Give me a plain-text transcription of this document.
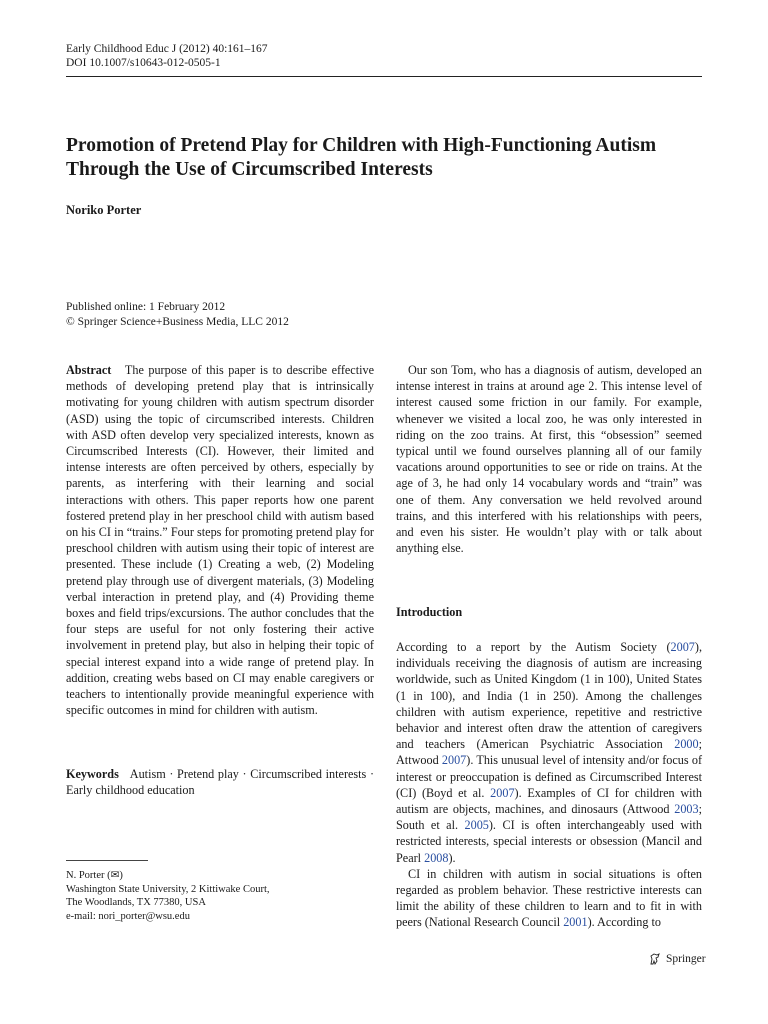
Early Childhood Educ J (2012) 40:161–167
DOI 10.1007/s10643-012-0505-1
Promotion of Pretend Play for Children with High-Functioning Autism Through the Use of Circumscribed Interests
Noriko Porter
Published online: 1 February 2012
© Springer Science+Business Media, LLC 2012

Abstract The purpose of this paper is to describe effective methods of developing pretend play that is intrinsically motivating for young children with autism spectrum disorder (ASD) using the topic of circumscribed interests. Children with ASD often develop very specialized interests, known as Circumscribed Interests (CI). However, their limited and intense interests are often perceived by others, especially by parents, as interfering with their learning and social interactions with others. This paper reports how one parent fostered pretend play in her preschool child with autism based on his CI in “trains.” Four steps for promoting pretend play for preschool children with autism using their topic of interest are presented. These include (1) Creating a web, (2) Modeling pretend play through use of divergent materials, (3) Modeling verbal interaction in pretend play, and (4) Providing theme boxes and field trips/excursions. The author concludes that the four steps are useful for not only fostering their active involvement in pretend play, but also in helping their topic of special interest expand into a wide range of pretend play. In addition, creating webs based on CI may enable caregivers or teachers to intentionally provide meaningful experience with specific outcomes in mind for children with autism.

Keywords Autism · Pretend play · Circumscribed interests · Early childhood education

N. Porter (✉)
Washington State University, 2 Kittiwake Court,
The Woodlands, TX 77380, USA
e-mail: nori_porter@wsu.edu

Our son Tom, who has a diagnosis of autism, developed an intense interest in trains at around age 2. This intense level of interest caused some friction in our family. For example, whenever we visited a local zoo, he was only interested in riding on the zoo trains. At first, this “obsession” seemed typical until we found ourselves planning all of our family vacations around opportunities to see or ride on trains. At the age of 3, he had only 14 vocabulary words and “train” was one of them. Any conversation we held revolved around trains, and this interfered with his relationships with peers, and even his sister. He wouldn’t play with or talk about anything else.

Introduction

According to a report by the Autism Society (2007), individuals receiving the diagnosis of autism are increasing worldwide, such as United Kingdom (1 in 100), United States (1 in 100), and India (1 in 250). Among the challenges children with autism experience, repetitive and restrictive behavior and interest often draw the attention of caregivers and teachers (American Psychiatric Association 2000; Attwood 2007). This unusual level of intensity and/or focus of interest or preoccupation is defined as Circumscribed Interest (CI) (Boyd et al. 2007). Examples of CI for children with autism are objects, machines, and dinosaurs (Attwood 2003; South et al. 2005). CI is often interchangeably used with restricted interests, special interests or obsession (Mancil and Pearl 2008).

CI in children with autism in social situations is often regarded as problem behavior. These restrictive interests can limit the ability of these children to learn and to fit in with peers (National Research Council 2001). According to

Springer
